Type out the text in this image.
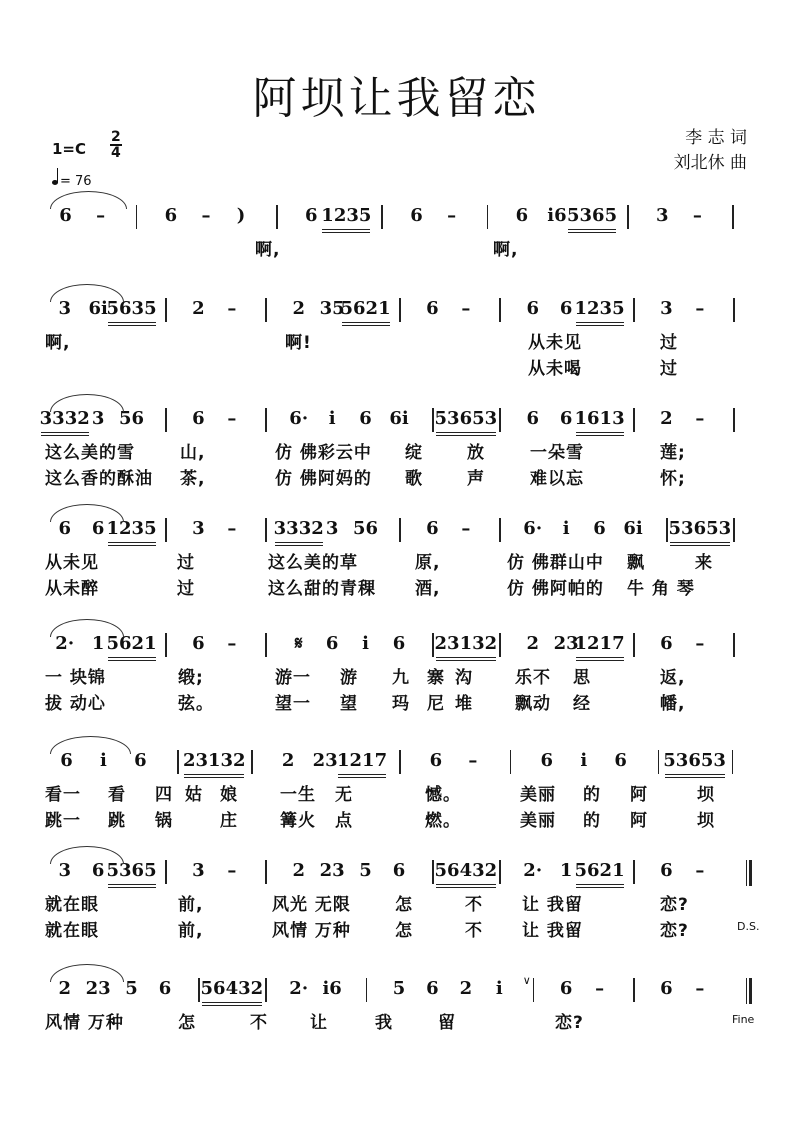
阿坝让我留恋
李 志 词
刘北休 曲
$1=C \frac{2}{4}$
= 76
6 –	6 – )	6 1235 6 –	6 i6 5365 3 –
啊,	啊,
3 6i
5635 2 –	2 35
5621 6 –	6 6 1235 3 –
啊,	啊!	从未见	过
从未喝	过
3332 3 56	6 –	6· i 6 6i 53653 6 6 1613 2 –
这么美的雪	山,	仿 佛彩云中 绽	放	一朵雪	莲;
这么香的酥油 茶,	仿 佛阿妈的 歌	声	难以忘	怀;
6 6 1235 3 – 3332 3 56	6 –	6· i 6 6i 53653
从未见	过	这么美的草	原,	仿 佛群山中 飘	来
从未醉	过	这么甜的青稞 酒,	仿 佛阿帕的 牛 角 琴
2· 1 5621 6 –	𝄋 6 i 6 23132 2 23
1217 6 –
一 块锦	缎;	游一 游 九 寨 沟 乐不 思	返,
拔 动心	弦。	望一 望 玛 尼 堆 飘动 经	幡,
6 i 6 23132 2 23 1217 6 –	6 i 6 53653
看一 看 四 姑 娘 一生 无	憾。	美丽 的 阿	坝
跳一 跳 锅	庄 篝火 点	燃。	美丽 的 阿	坝
3 6 5365 3 –	2 23 5 6 56432 2· 1 5621 6 –
就在眼	前,	风光 无限	怎	不 让 我留	恋?
就在眼	前,	风情 万种	怎	不 让 我留	恋?	D.S.
2 23 5 6 56432 2· i6	5 6 2 i ∨ 6 –	6 –
风情 万种	怎	不 让	我	留	恋?	Fine
